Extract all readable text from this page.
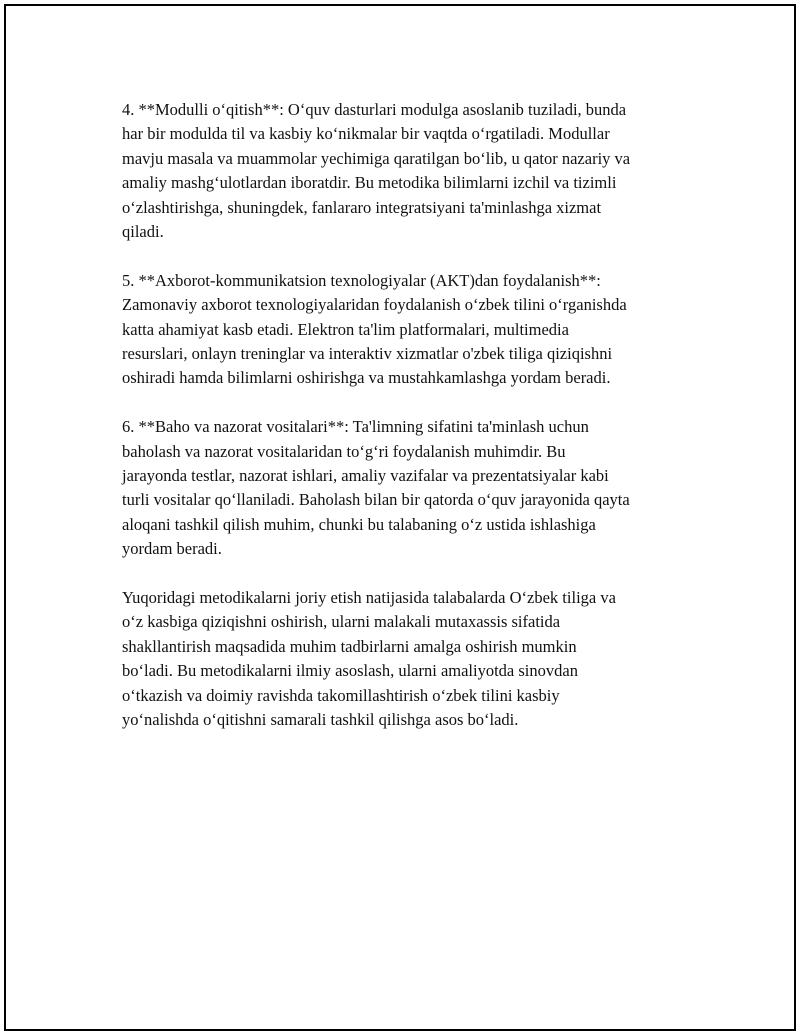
4. **Modulli o‘qitish**: O‘quv dasturlari modulga asoslanib tuziladi, bunda
har bir modulda til va kasbiy ko‘nikmalar bir vaqtda o‘rgatiladi. Modullar
mavju masala va muammolar yechimiga qaratilgan bo‘lib, u qator nazariy va
amaliy mashg‘ulotlardan iboratdir. Bu metodika bilimlarni izchil va tizimli
o‘zlashtirishga, shuningdek, fanlararo integratsiyani ta'minlashga xizmat
qiladi.

5. **Axborot-kommunikatsion texnologiyalar (AKT)dan foydalanish**:
Zamonaviy axborot texnologiyalaridan foydalanish o‘zbek tilini o‘rganishda
katta ahamiyat kasb etadi. Elektron ta'lim platformalari, multimedia
resurslari, onlayn treninglar va interaktiv xizmatlar o'zbek tiliga qiziqishni
oshiradi hamda bilimlarni oshirishga va mustahkamlashga yordam beradi.

6. **Baho va nazorat vositalari**: Ta'limning sifatini ta'minlash uchun
baholash va nazorat vositalaridan to‘g‘ri foydalanish muhimdir. Bu
jarayonda testlar, nazorat ishlari, amaliy vazifalar va prezentatsiyalar kabi
turli vositalar qo‘llaniladi. Baholash bilan bir qatorda o‘quv jarayonida qayta
aloqani tashkil qilish muhim, chunki bu talabaning o‘z ustida ishlashiga
yordam beradi.

Yuqoridagi metodikalarni joriy etish natijasida talabalarda O‘zbek tiliga va
o‘z kasbiga qiziqishni oshirish, ularni malakali mutaxassis sifatida
shakllantirish maqsadida muhim tadbirlarni amalga oshirish mumkin
bo‘ladi. Bu metodikalarni ilmiy asoslash, ularni amaliyotda sinovdan
o‘tkazish va doimiy ravishda takomillashtirish o‘zbek tilini kasbiy
yo‘nalishda o‘qitishni samarali tashkil qilishga asos bo‘ladi.
